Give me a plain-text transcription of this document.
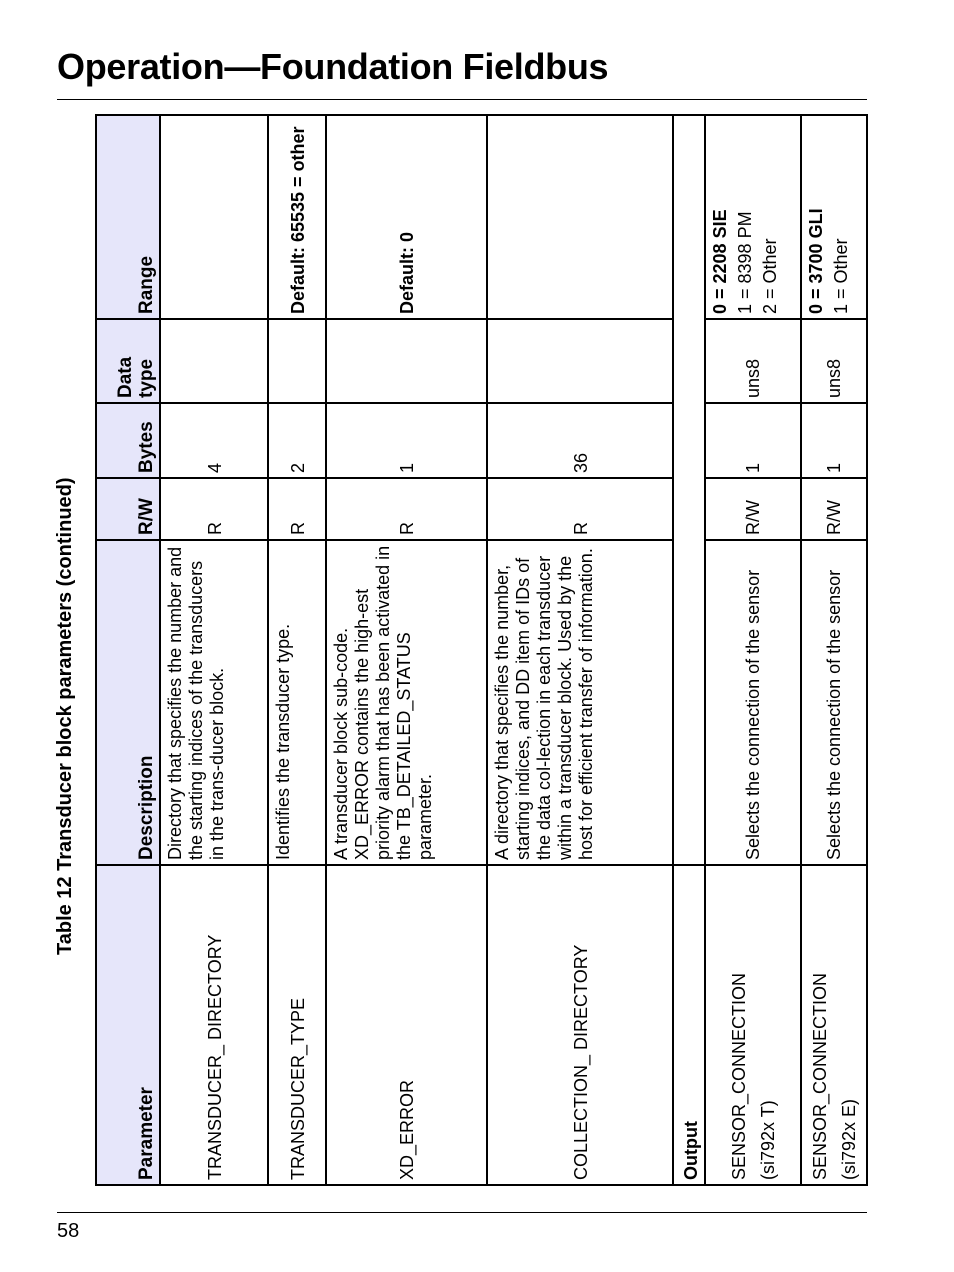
Operation—Foundation Fieldbus
Table 12 Transducer block parameters (continued)
Parameter	Description	R/W	Bytes	Data type	Range
TRANSDUCER_ DIRECTORY	Directory that specifies the number and the starting indices of the transducers in the trans-ducer block.	R	4		
TRANSDUCER_TYPE	Identifies the transducer type.	R	2		Default: 65535 = other
XD_ERROR	A transducer block sub-code. XD_ERROR contains the high-est priority alarm that has been activated in the TB_DETAILED_STATUS parameter.	R	1		Default: 0
COLLECTION_ DIRECTORY	A directory that specifies the number, starting indices, and DD item of IDs of the data col-lection in each transducer within a transducer block. Used by the host for efficient transfer of information.	R	36		
Output					

SENSOR_CONNECTION (si792x T)	Selects the connection of the sensor	R/W	1	uns8	0 = 2208 SIE 1 = 8398 PM 2 = Other

SENSOR_CONNECTION (si792x E)	Selects the connection of the sensor	R/W	1	uns8	0 = 3700 GLI 1 = Other
58
